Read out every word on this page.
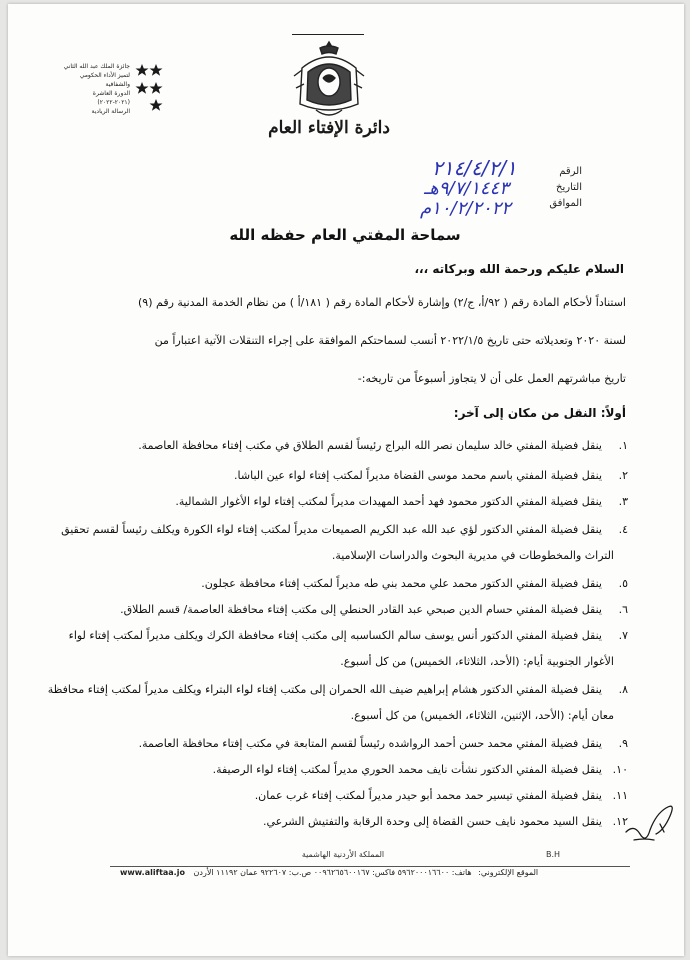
جائزة الملك عبد الله الثاني
لتميز الأداء الحكومي والشفافية
الدورة العاشرة (٢٠٢١-٢٠٢٢)
الرسالة الريادية
دائرة الإفتاء العام
الرقم
التاريخ
الموافق
٢١٤/٤/٢/١
٩/٧/١٤٤٣هـ
١٠/٢/٢٠٢٢م
سماحة المفتي العام حفظه الله
السلام عليكم ورحمة الله وبركاته ،،،
استناداً لأحكام المادة رقم ( ٩٢/أ، ج/٢) وإشارة لأحكام المادة رقم ( ١٨١/أ ) من نظام الخدمة المدنية رقم (٩)
لسنة ٢٠٢٠ وتعديلاته حتى تاريخ ٢٠٢٢/١/٥ أنسب لسماحتكم الموافقة على إجراء التنقلات الآتية اعتباراً من
تاريخ مباشرتهم العمل على أن لا يتجاوز أسبوعاً من تاريخه:-
أولاً: النقل من مكان إلى آخر:
١.ينقل فضيلة المفتي خالد سليمان نصر الله البراج رئيساً لقسم الطلاق في مكتب إفتاء محافظة العاصمة.
٢.ينقل فضيلة المفتي باسم محمد موسى القضاة مديراً لمكتب إفتاء لواء عين الباشا.
٣.ينقل فضيلة المفتي الدكتور محمود فهد أحمد المهيدات مديراً لمكتب إفتاء لواء الأغوار الشمالية.
٤.ينقل فضيلة المفتي الدكتور لؤي عبد الله عبد الكريم الصميعات مديراً لمكتب إفتاء لواء الكورة ويكلف رئيساً لقسم تحقيق
التراث والمخطوطات في مديرية البحوث والدراسات الإسلامية.
٥.ينقل فضيلة المفتي الدكتور محمد علي محمد بني طه مديراً لمكتب إفتاء محافظة عجلون.
٦.ينقل فضيلة المفتي حسام الدين صبحي عبد القادر الحنطي إلى مكتب إفتاء محافظة العاصمة/ قسم الطلاق.
٧.ينقل فضيلة المفتي الدكتور أنس يوسف سالم الكساسبه إلى مكتب إفتاء محافظة الكرك ويكلف مديراً لمكتب إفتاء لواء
الأغوار الجنوبية أيام: (الأحد، الثلاثاء، الخميس) من كل أسبوع.
٨.ينقل فضيلة المفتي الدكتور هشام إبراهيم ضيف الله الحمران إلى مكتب إفتاء لواء البتراء ويكلف مديراً لمكتب إفتاء محافظة
معان أيام: (الأحد، الإثنين، الثلاثاء، الخميس) من كل أسبوع.
٩.ينقل فضيلة المفتي محمد حسن أحمد الرواشده رئيساً لقسم المتابعة في مكتب إفتاء محافظة العاصمة.
١٠.ينقل فضيلة المفتي الدكتور نشأت نايف محمد الحوري مديراً لمكتب إفتاء لواء الرصيفة.
١١.ينقل فضيلة المفتي تيسير حمد محمد أبو حيدر مديراً لمكتب إفتاء غرب عمان.
١٢.ينقل السيد محمود نايف حسن القضاة إلى وحدة الرقابة والتفتيش الشرعي.
B.H
المملكة الأردنية الهاشمية
www.aliftaa.jo	الموقع الإلكتروني: هاتف: ٥٩٦٢٠٠٠١٦٦٠٠ فاكس: ٠٠٩٦٢٦٥٦٠٠١٦٧ ص.ب: ٩٢٢٦٠٧ عمان ١١١٩٢ الأردن
